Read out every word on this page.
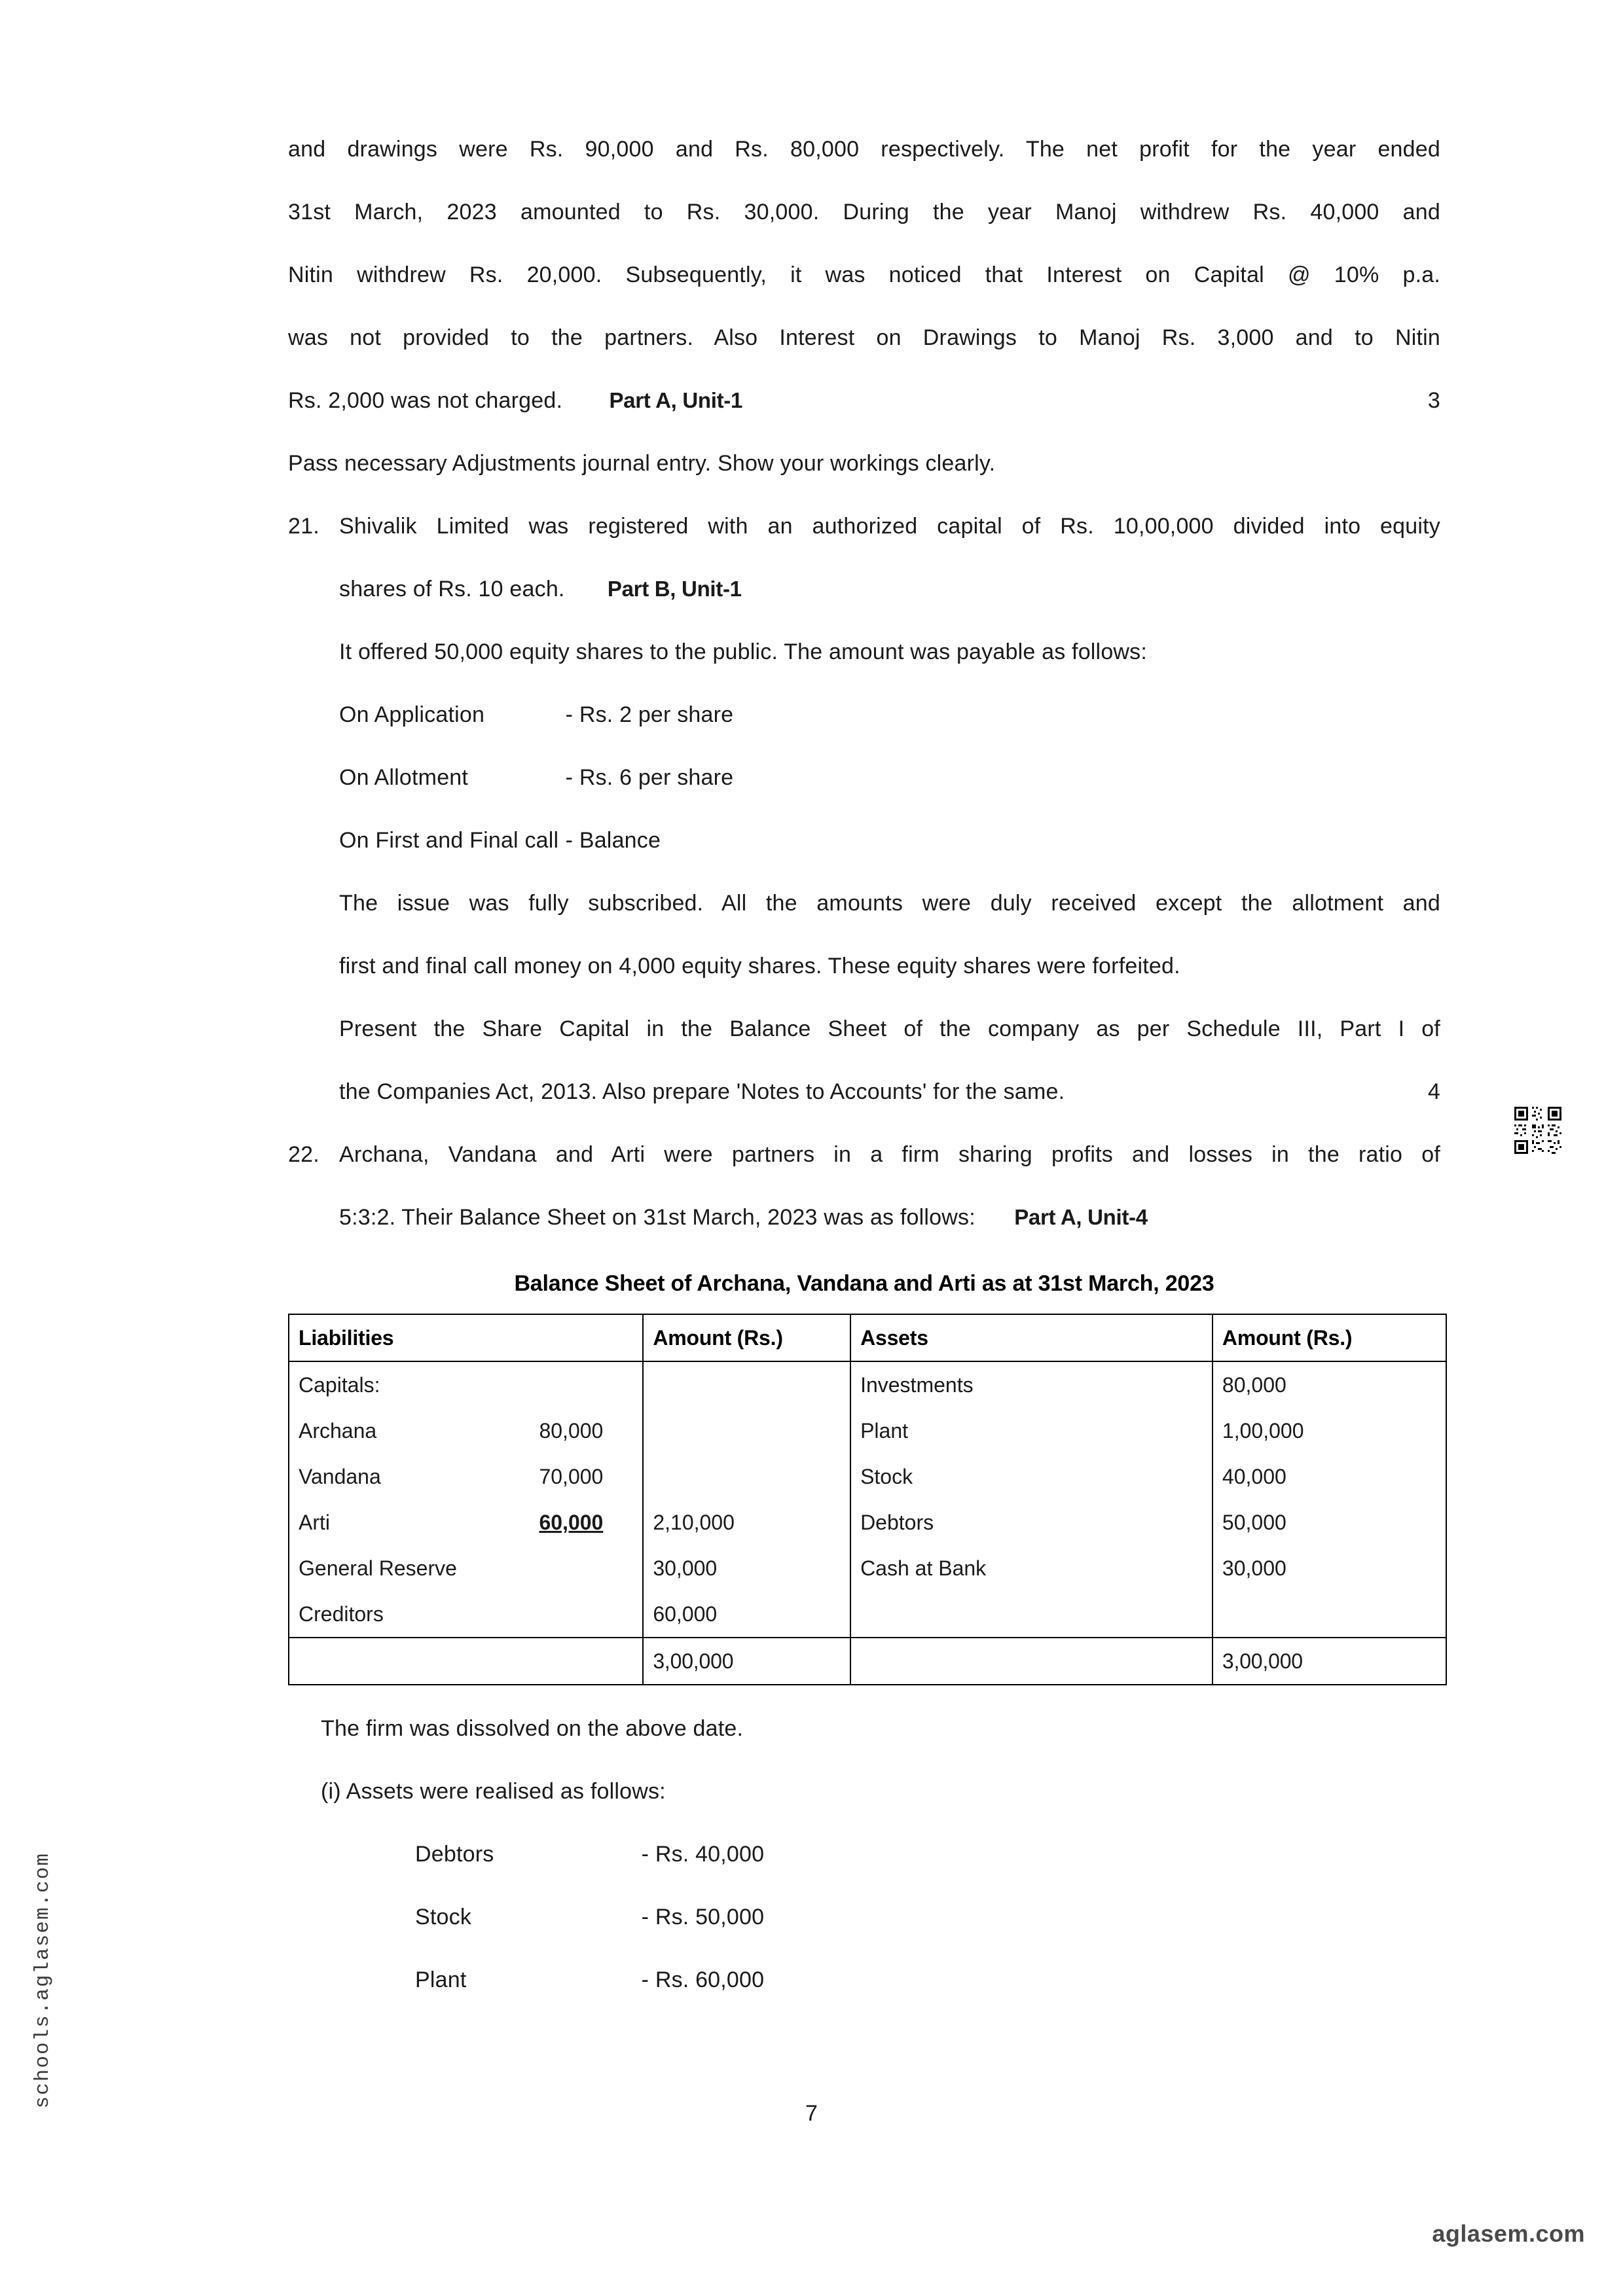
and drawings were Rs. 90,000 and Rs. 80,000 respectively. The net profit for the year ended
31st March, 2023 amounted to Rs. 30,000. During the year Manoj withdrew Rs. 40,000 and
Nitin withdrew Rs. 20,000. Subsequently, it was noticed that Interest on Capital @ 10% p.a.
was not provided to the partners. Also Interest on Drawings to Manoj Rs. 3,000 and to Nitin
Rs. 2,000 was not charged. Part A, Unit-1	3
Pass necessary Adjustments journal entry. Show your workings clearly.
21. Shivalik Limited was registered with an authorized capital of Rs. 10,00,000 divided into equity
shares of Rs. 10 each. Part B, Unit-1
It offered 50,000 equity shares to the public. The amount was payable as follows:
On Application	- Rs. 2 per share
On Allotment	- Rs. 6 per share
On First and Final call - Balance
The issue was fully subscribed. All the amounts were duly received except the allotment and
first and final call money on 4,000 equity shares. These equity shares were forfeited.
Present the Share Capital in the Balance Sheet of the company as per Schedule III, Part I of
the Companies Act, 2013. Also prepare 'Notes to Accounts' for the same.	4
22. Archana, Vandana and Arti were partners in a firm sharing profits and losses in the ratio of
5:3:2. Their Balance Sheet on 31st March, 2023 was as follows: Part A, Unit-4
Balance Sheet of Archana, Vandana and Arti as at 31st March, 2023
Liabilities	Amount (Rs.)	Assets	Amount (Rs.)

Capitals:		Investments	80,000

Archana 80,000		Plant	1,00,000

Vandana 70,000		Stock	40,000

Arti 60,000	2,10,000	Debtors	50,000

General Reserve	30,000	Cash at Bank	30,000

Creditors	60,000		
	3,00,000		3,00,000
The firm was dissolved on the above date.
(i) Assets were realised as follows:
Debtors	- Rs. 40,000
Stock	- Rs. 50,000
Plant	- Rs. 60,000
7
schools.aglasem.com
aglasem.com
